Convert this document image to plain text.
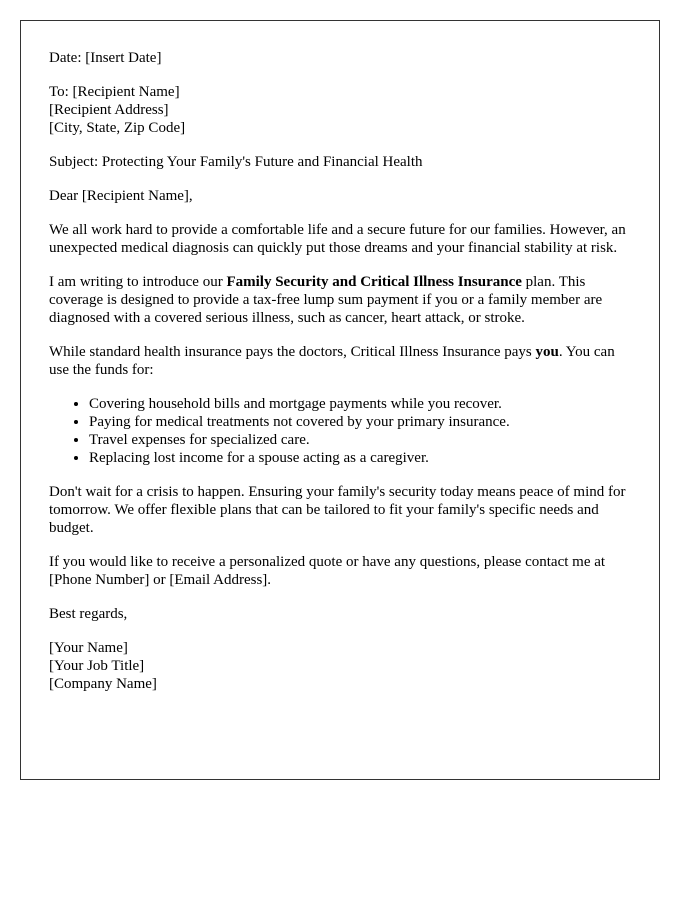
Date: [Insert Date]

To: [Recipient Name]
[Recipient Address]
[City, State, Zip Code]

Subject: Protecting Your Family's Future and Financial Health

Dear [Recipient Name],

We all work hard to provide a comfortable life and a secure future for our families. However, an unexpected medical diagnosis can quickly put those dreams and your financial stability at risk.

I am writing to introduce our Family Security and Critical Illness Insurance plan. This coverage is designed to provide a tax-free lump sum payment if you or a family member are diagnosed with a covered serious illness, such as cancer, heart attack, or stroke.

While standard health insurance pays the doctors, Critical Illness Insurance pays you. You can use the funds for:

• Covering household bills and mortgage payments while you recover.
• Paying for medical treatments not covered by your primary insurance.
• Travel expenses for specialized care.
• Replacing lost income for a spouse acting as a caregiver.

Don't wait for a crisis to happen. Ensuring your family's security today means peace of mind for tomorrow. We offer flexible plans that can be tailored to fit your family's specific needs and budget.

If you would like to receive a personalized quote or have any questions, please contact me at [Phone Number] or [Email Address].

Best regards,

[Your Name]
[Your Job Title]
[Company Name]
